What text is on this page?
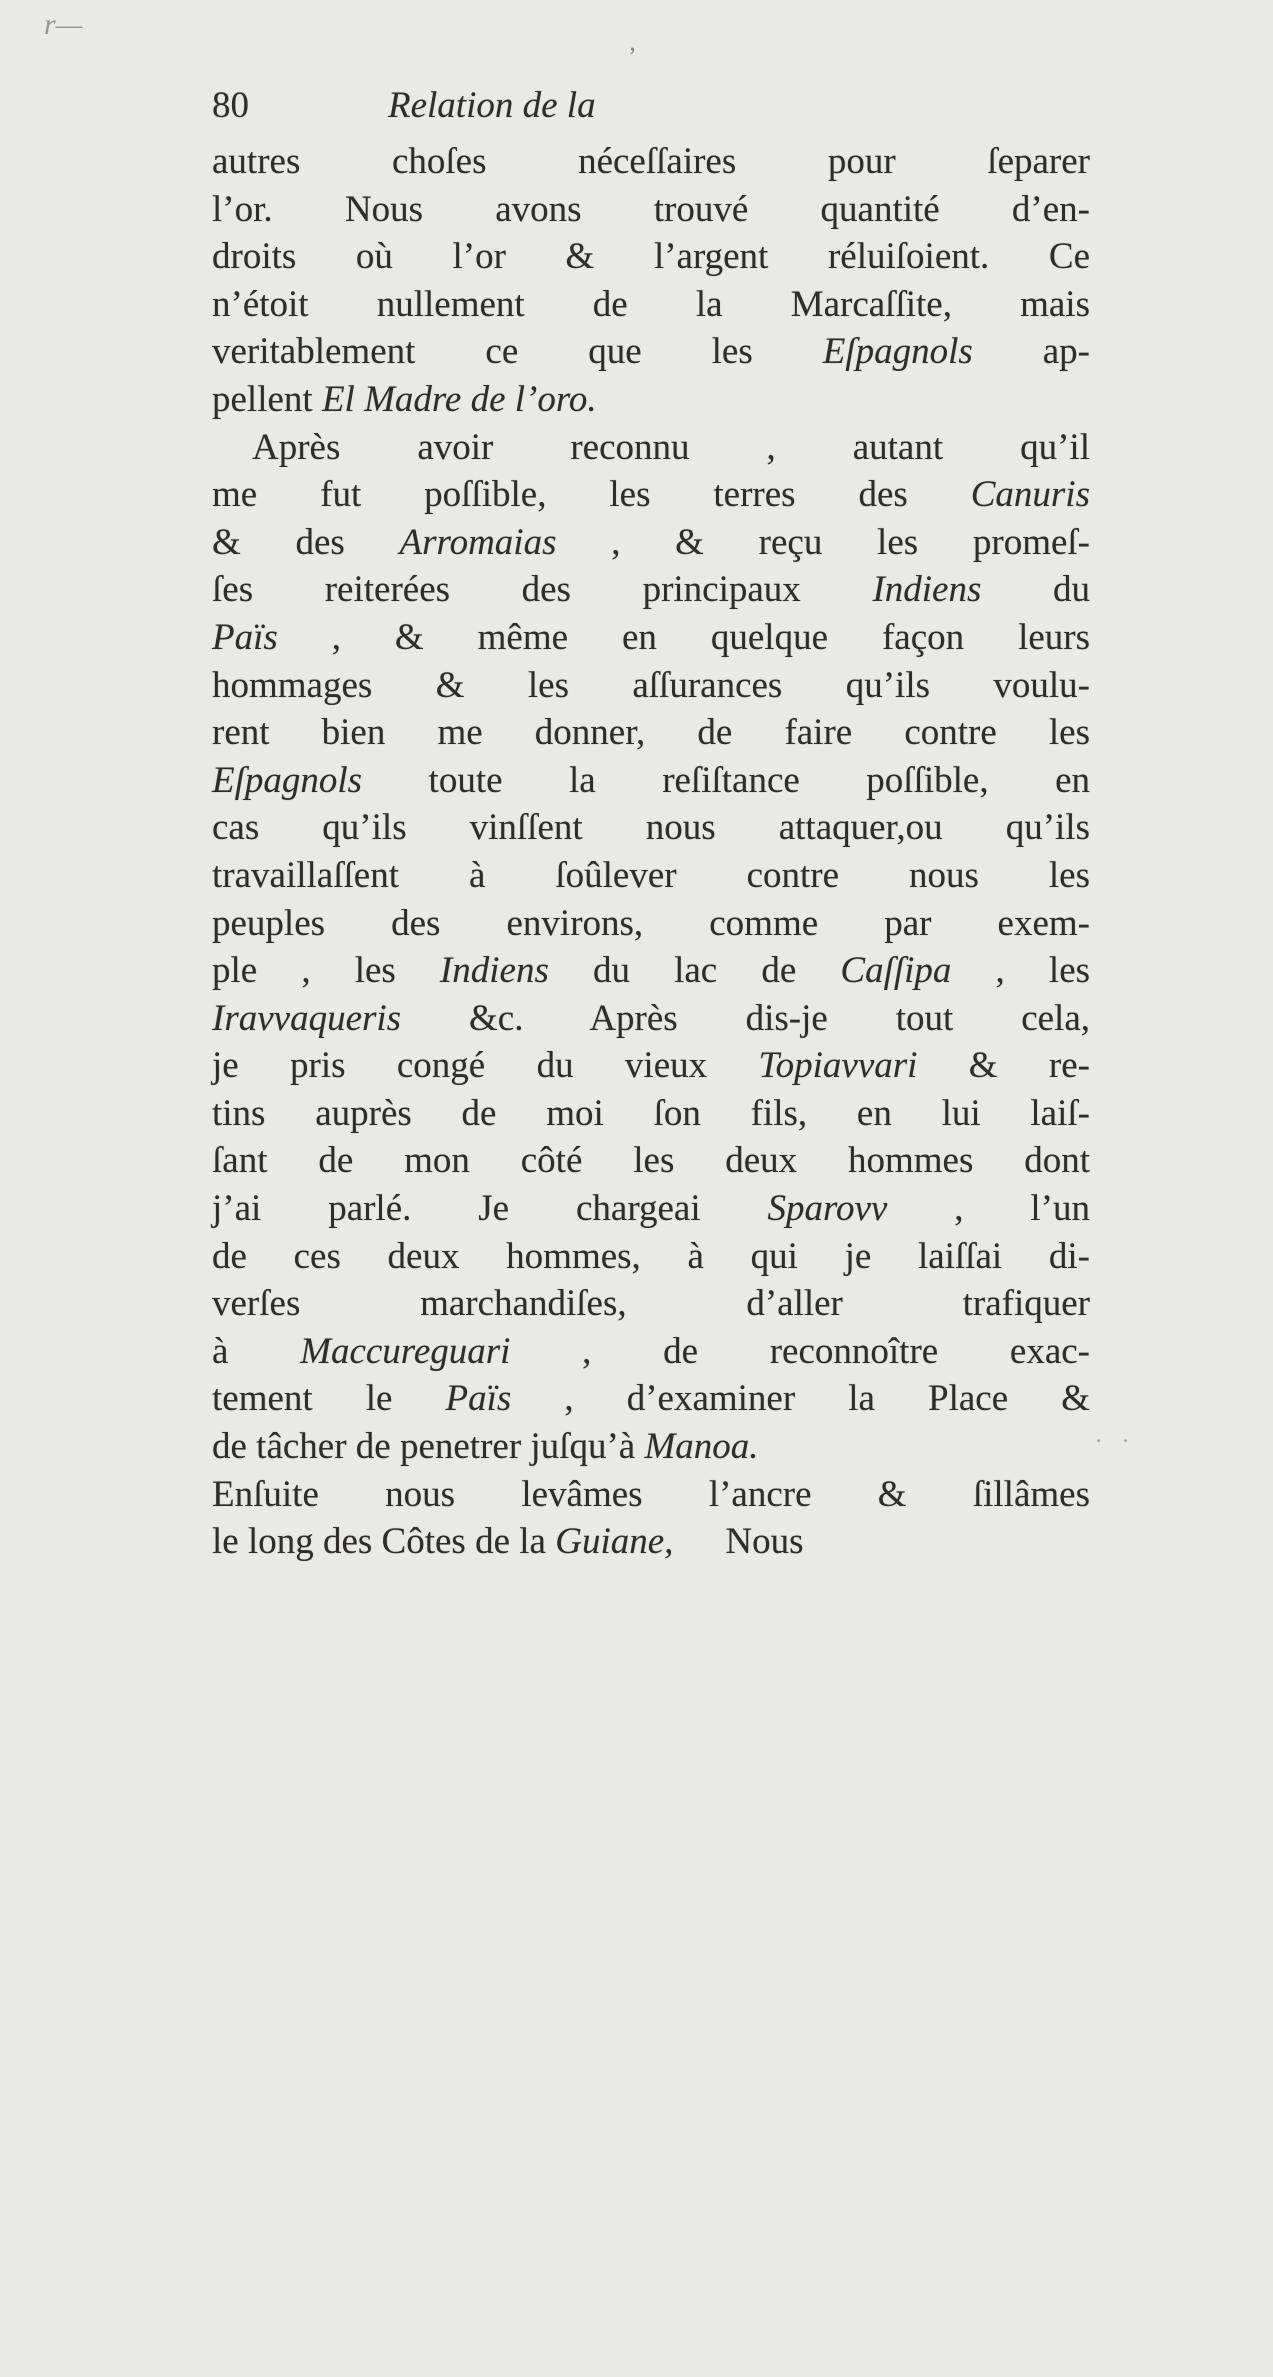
r—
ʼ
· ·
80	Relation de la
autres choſes néceſſaires pour ſeparer
l’or. Nous avons trouvé quantité d’en-
droits où l’or & l’argent réluiſoient. Ce
n’étoit nullement de la Marcaſſite, mais
veritablement ce que les Eſpagnols ap-
pellent El Madre de l’oro.
Après avoir reconnu , autant qu’il
me fut poſſible, les terres des Canuris
& des Arromaias , & reçu les promeſ-
ſes reiterées des principaux Indiens du
Païs , & même en quelque façon leurs
hommages & les aſſurances qu’ils voulu-
rent bien me donner, de faire contre les
Eſpagnols toute la reſiſtance poſſible, en
cas qu’ils vinſſent nous attaquer,ou qu’ils
travaillaſſent à ſoûlever contre nous les
peuples des environs, comme par exem-
ple , les Indiens du lac de Caſſipa , les
Iravvaqueris &c. Après dis-je tout cela,
je pris congé du vieux Topiavvari & re-
tins auprès de moi ſon fils, en lui laiſ-
ſant de mon côté les deux hommes dont
j’ai parlé. Je chargeai Sparovv , l’un
de ces deux hommes, à qui je laiſſai di-
verſes marchandiſes, d’aller trafiquer
à Maccureguari , de reconnoître exac-
tement le Païs , d’examiner la Place &
de tâcher de penetrer juſqu’à Manoa.
Enſuite nous levâmes l’ancre & ſillâmes
le long des Côtes de la Guiane, Nous
